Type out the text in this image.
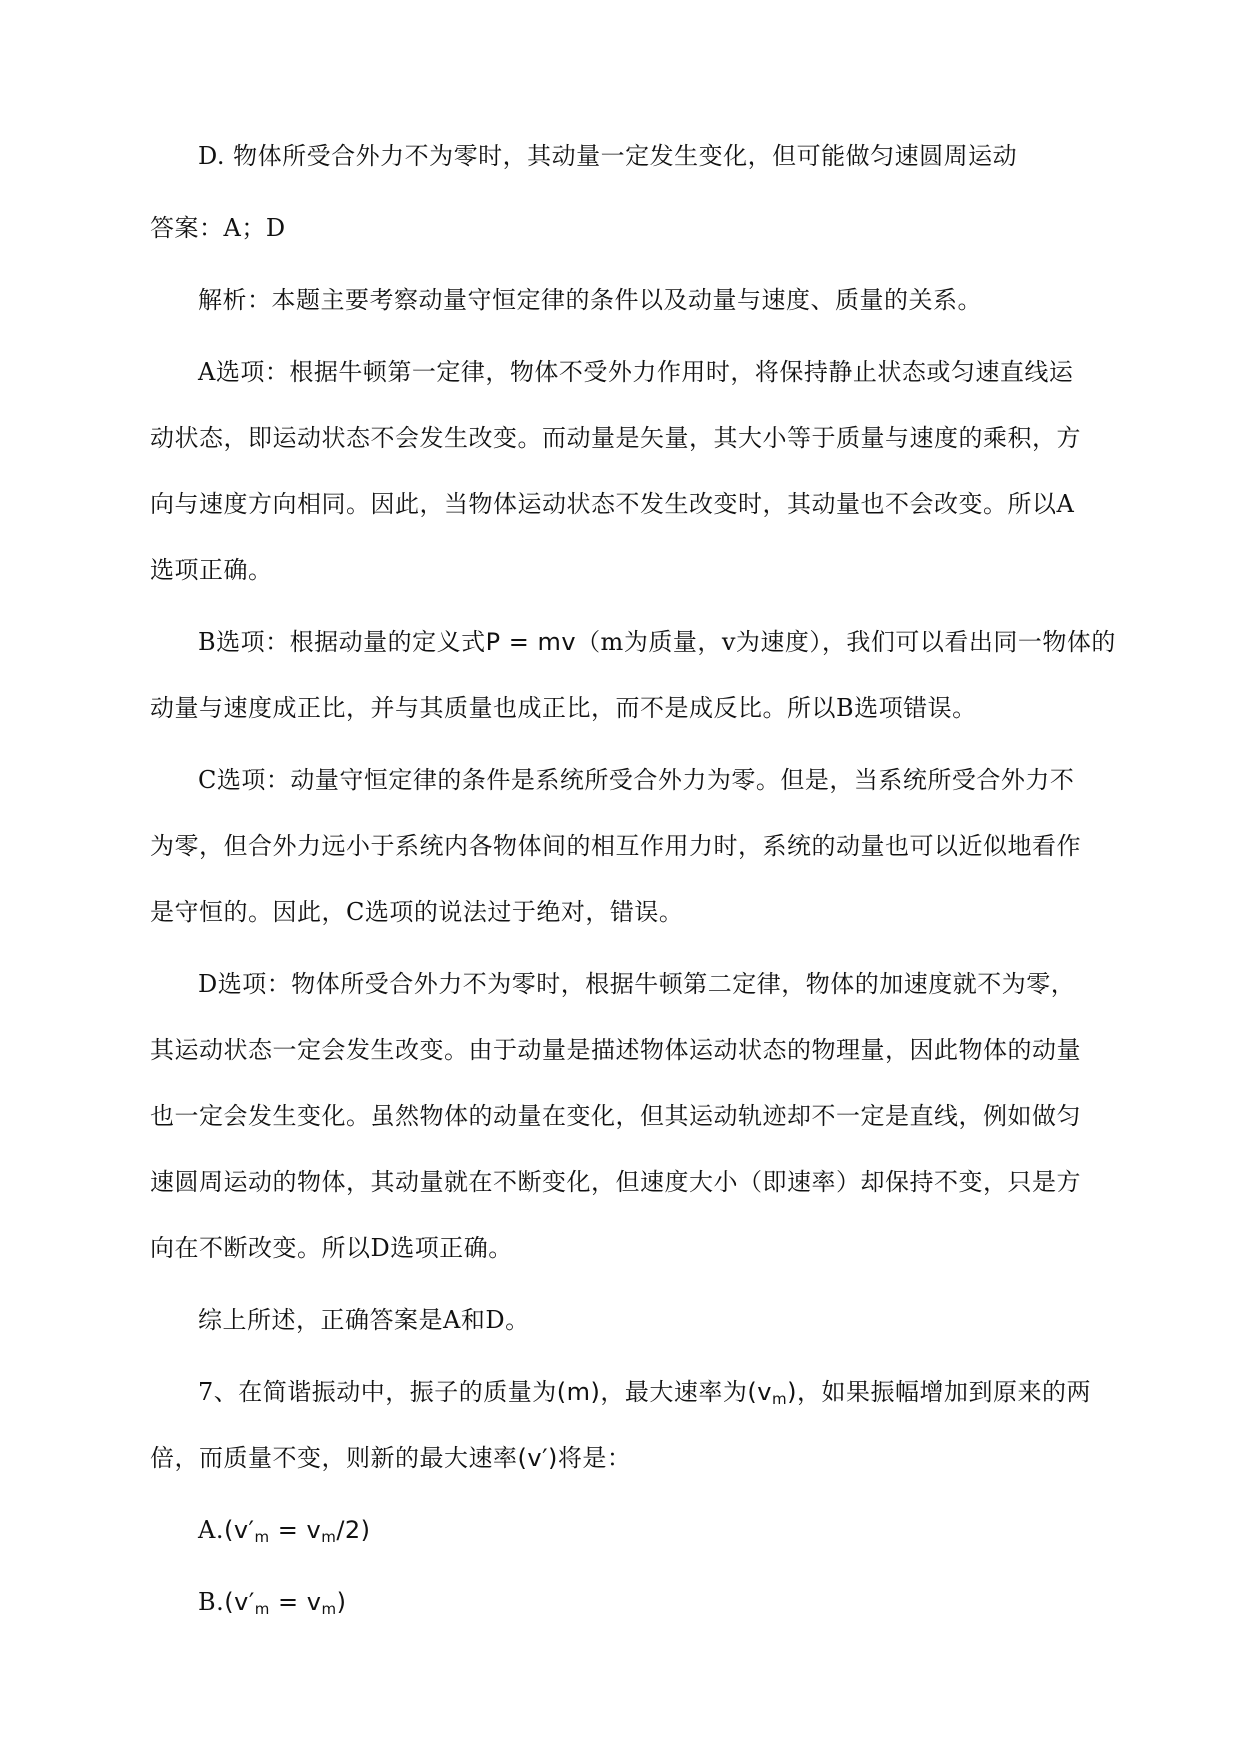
D. 物体所受合外力不为零时，其动量一定发生变化，但可能做匀速圆周运动
答案：A；D
解析：本题主要考察动量守恒定律的条件以及动量与速度、质量的关系。
A选项：根据牛顿第一定律，物体不受外力作用时，将保持静止状态或匀速直线运
动状态，即运动状态不会发生改变。而动量是矢量，其大小等于质量与速度的乘积，方
向与速度方向相同。因此，当物体运动状态不发生改变时，其动量也不会改变。所以A
选项正确。
B选项：根据动量的定义式P = mv（m为质量，v为速度），我们可以看出同一物体的
动量与速度成正比，并与其质量也成正比，而不是成反比。所以B选项错误。
C选项：动量守恒定律的条件是系统所受合外力为零。但是，当系统所受合外力不
为零，但合外力远小于系统内各物体间的相互作用力时，系统的动量也可以近似地看作
是守恒的。因此，C选项的说法过于绝对，错误。
D选项：物体所受合外力不为零时，根据牛顿第二定律，物体的加速度就不为零，
其运动状态一定会发生改变。由于动量是描述物体运动状态的物理量，因此物体的动量
也一定会发生变化。虽然物体的动量在变化，但其运动轨迹却不一定是直线，例如做匀
速圆周运动的物体，其动量就在不断变化，但速度大小（即速率）却保持不变，只是方
向在不断改变。所以D选项正确。
综上所述，正确答案是A和D。
7、在简谐振动中，振子的质量为(m)，最大速率为$(v_m)$，如果振幅增加到原来的两
倍，而质量不变，则新的最大速率(v′)将是：
$A.(v'_m = v_m/2)$
$B.(v'_m = v_m)$
